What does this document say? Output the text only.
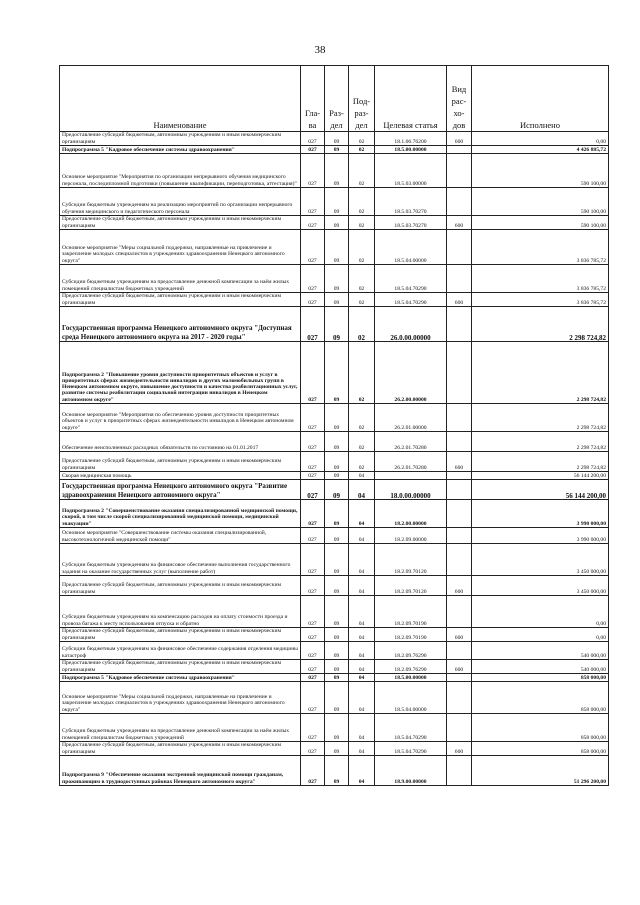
38
Наименование	Гла-ва	Раз-дел	Под-раз-дел	Целевая статья	Вид рас-хо-дов	Исполнено
Предоставление субсидий бюджетным, автономным учреждениям и иным некоммерческим организациям	027	09	02	18.1.06.76200	600	0,00
Подпрограмма 5 "Кадровое обеспечение системы здравоохранения"	027	09	02	18.5.00.00000		4 426 885,72
Основное мероприятие "Мероприятия по организации непрерывного обучения медицинского персонала, последипломной подготовки (повышение квалификации, переподготовка, аттестация)"	027	09	02	18.5.03.00000		590 100,00
Субсидии бюджетным учреждениям на реализацию мероприятий по организации непрерывного обучения медицинского и педагогического персонала	027	09	02	18.5.03.70270		590 100,00
Предоставление субсидий бюджетным, автономным учреждениям и иным некоммерческим организациям	027	09	02	18.5.03.70270	600	590 100,00
Основное мероприятие "Меры социальной поддержки, направленные на привлечение и закрепление молодых специалистов в учреждениях здравоохранения Ненецкого автономного округа"	027	09	02	18.5.04.00000		3 836 785,72
Субсидии бюджетным учреждениям на предоставление денежной компенсации за наём жилых помещений специалистам бюджетных учреждений	027	09	02	18.5.04.70290		3 836 785,72
Предоставление субсидий бюджетным, автономным учреждениям и иным некоммерческим организациям	027	09	02	18.5.04.70290	600	3 836 785,72
Государственная программа Ненецкого автономного округа "Доступная среда Ненецкого автономного округа на 2017 - 2020 годы"	027	09	02	26.0.00.00000		2 298 724,82
Подпрограмма 2 "Повышение уровня доступности приоритетных объектов и услуг в приоритетных сферах жизнедеятельности инвалидов и других маломобильных групп в Ненецком автономном округе, повышение доступности и качества реабилитационных услуг, развитие системы реабилитации социальной интеграции инвалидов в Ненецком автономном округе"	027	09	02	26.2.00.00000		2 298 724,82
Основное мероприятие "Мероприятия по обеспечению уровня доступности приоритетных объектов и услуг в приоритетных сферах жизнедеятельности инвалидов в Ненецком автономном округе"	027	09	02	26.2.01.00000		2 298 724,82
Обеспечение неисполненных расходных обязательств по состоянию на 01.01.2017	027	09	02	26.2.01.70280		2 298 724,82
Предоставление субсидий бюджетным, автономным учреждениям и иным некоммерческим организациям	027	09	02	26.2.01.70280	600	2 298 724,82
Скорая медицинская помощь	027	09	04			56 144 200,00
Государственная программа Ненецкого автономного округа "Развитие здравоохранения Ненецкого автономного округа"	027	09	04	18.0.00.00000		56 144 200,00
Подпрограмма 2 "Совершенствование оказания специализированной медицинской помощи, скорой, в том числе скорой специализированной медицинской помощи, медицинской эвакуации"	027	09	04	18.2.00.00000		3 990 000,00
Основное мероприятие "Совершенствование системы оказания специализированной, высокотехнологичной медицинской помощи"	027	09	04	18.2.09.00000		3 990 000,00
Субсидии бюджетным учреждениям на финансовое обеспечение выполнения государственного задания на оказание государственных услуг (выполнение работ)	027	09	04	18.2.09.70120		3 450 000,00
Предоставление субсидий бюджетным, автономным учреждениям и иным некоммерческим организациям	027	09	04	18.2.09.70120	600	3 450 000,00
Субсидии бюджетным учреждениям на компенсацию расходов на оплату стоимости проезда и провоза багажа к месту использования отпуска и обратно	027	09	04	18.2.09.70190		0,00
Предоставление субсидий бюджетным, автономным учреждениям и иным некоммерческим организациям	027	09	04	18.2.09.70190	600	0,00
Субсидии бюджетным учреждениям на финансовое обеспечение содержания отделения медицины катастроф	027	09	04	18.2.09.76290		540 000,00
Предоставление субсидий бюджетным, автономным учреждениям и иным некоммерческим организациям	027	09	04	18.2.09.76290	600	540 000,00
Подпрограмма 5 "Кадровое обеспечение системы здравоохранения"	027	09	04	18.5.00.00000		858 000,00
Основное мероприятие "Меры социальной поддержки, направленные на привлечение и закрепление молодых специалистов в учреждениях здравоохранения Ненецкого автономного округа"	027	09	04	18.5.04.00000		858 000,00
Субсидии бюджетным учреждениям на предоставление денежной компенсации за наём жилых помещений специалистам бюджетных учреждений	027	09	04	18.5.04.70290		858 000,00
Предоставление субсидий бюджетным, автономным учреждениям и иным некоммерческим организациям	027	09	04	18.5.04.70290	600	858 000,00
Подпрограмма 9 "Обеспечение оказания экстренной медицинской помощи гражданам, проживающим в труднодоступных районах Ненецкого автономного округа"	027	09	04	18.9.00.00000		51 296 200,00
